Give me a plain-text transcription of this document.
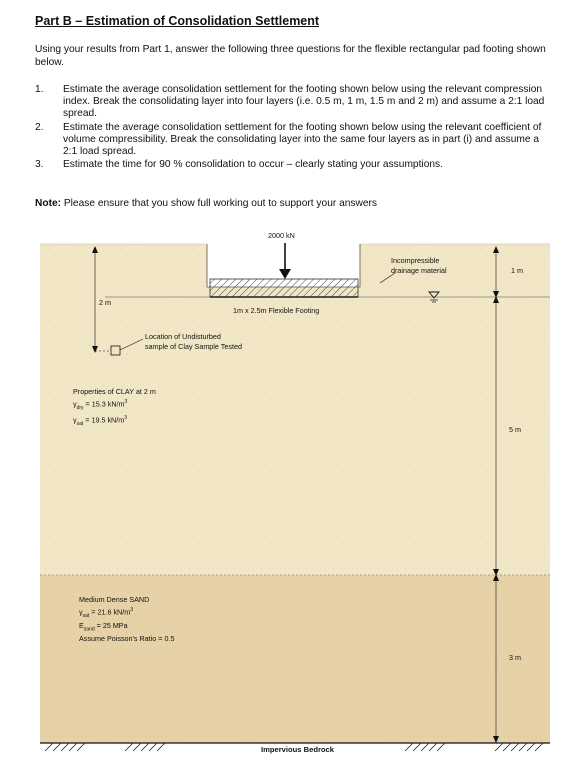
Part B – Estimation of Consolidation Settlement
Using your results from Part 1, answer the following three questions for the flexible rectangular pad footing shown below.
1. Estimate the average consolidation settlement for the footing shown below using the relevant compression index. Break the consolidating layer into four layers (i.e. 0.5 m, 1 m, 1.5 m and 2 m) and assume a 2:1 load spread.
2. Estimate the average consolidation settlement for the footing shown below using the relevant coefficient of volume compressibility. Break the consolidating layer into the same four layers as in part (i) and assume a 2:1 load spread.
3. Estimate the time for 90 % consolidation to occur – clearly stating your assumptions.
Note: Please ensure that you show full working out to support your answers
2000 kN
Incompressible
drainage material	1 m
2 m
1m x 2.5m Flexible Footing
Location of Undisturbed
sample of Clay Sample Tested
Properties of CLAY at 2 m
$\gamma_{dry} = 15.3$ $kN/m^3$
$\gamma_{sat} = 19.5$ $kN/m^3$
5 m
Medium Dense SAND
$\gamma_{sat} = 21.6$ $kN/m^3$
$E_{sand} = 25$ MPa
Assume Poisson's Ratio = 0.5
3 m
Impervious Bedrock
